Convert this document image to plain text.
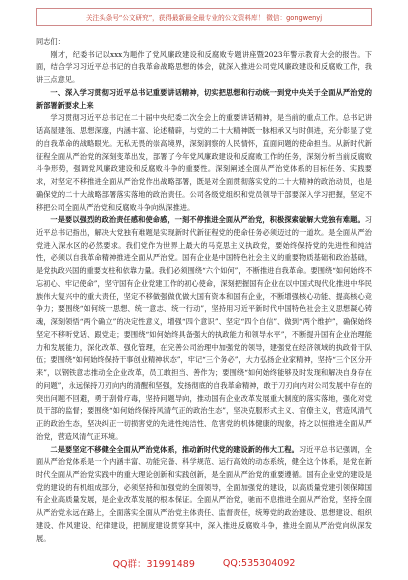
关注头条号“公文研究”，获得最新最全最专业的公文资料库！ 微信：gongwenyj

同志们：

刚才，纪委书记以xxx为题作了党风廉政建设和反腐败专题讲座暨2023年警示教育大会的报告。下面，结合学习习近平总书记的自我革命战略思想的体会，就深入推进公司党风廉政建设和反腐败工作，我讲三点意见。

一、深入学习贯彻习近平总书记重要讲话精神，切实把思想和行动统一到党中央关于全面从严治党的新部署新要求上来

学习贯彻习近平总书记在二十届中央纪委二次全会上的重要讲话精神，是当前的重点工作。总书记讲话高屋建瓴、思想深邃，内涵丰富、论述精辟，与党的二十大精神既一脉相承又与时俱进，充分彰显了党的自我革命的战略眼光。无私无畏的崇高境界，深刻洞察的人民情怀，直面问题的使命担当。从新时代新征程全面从严治党的深刻变革出发，部署了今年党风廉政建设和反腐败工作的任务，深刻分析当前反腐败斗争形势，强调党风廉政建设和反腐败斗争的重要性。深刻阐述全面从严治党体系的目标任务、实践要求，对坚定不移推进全面从严治党作出战略部署，既是对全面贯彻落实党的二十大精神的政治动员，也是确保党的二十大战略部署落实落地的政治责任。公司各级党组织和党员领导干部要深入学习把握，坚定不移把公司全面从严治党和反腐败斗争向纵深推进。

一是要以强烈的政治责任感和使命感，一刻不停推进全面从严治党，积极探索破解大党独有难题。习近平总书记指出，解决大党独有难题是实现新时代新征程党的使命任务必须迈过的一道坎。是全面从严治党进入深水区的必然要求。我们党作为世界上最大的马克思主义执政党，要始终保持党的先进性和纯洁性，必须以自我革命精神推进全面从严治党。国有企业是中国特色社会主义的重要物质基础和政治基础，是党执政兴国的重要支柱和依靠力量。我们必须围绕“六个如何”，不断推进自我革命。要围绕“如何始终不忘初心、牢记使命”，坚守国有企业党建工作的初心使命，深刻把握国有企业在以中国式现代化推进中华民族伟大复兴中的重大责任，坚定不移做强做优做大国有资本和国有企业，不断增强核心功能、提高核心竞争力；要围绕“如何统一思想、统一意志、统一行动”，坚持用习近平新时代中国特色社会主义思想凝心铸魂，深刻领悟“两个确立”的决定性意义，增强“四个意识”、坚定“四个自信”、做到“两个维护”，确保始终坚定不移听党话、跟党走；要围绕“如何始终具备强大的执政能力和领导水平”，不断提升国有企业治理能力和发展能力，深化改革、强化管理，在完善公司治理中加强党的领导，建强党在经济领域的执政骨干队伍；要围绕“如何始终保持干事创业精神状态”，牢记“三个务必”，大力弘扬企业家精神，坚持“三个区分开来”，以钢铁意志推动全企业改革，员工敢担当、善作为；要围绕“如何始终能够及时发现和解决自身存在的问题”，永远保持刀刃向内的清醒和坚强，发扬彻底的自我革命精神，敢于刀刃向内对公司发展中存在的突出问题不回避，勇于刮骨疗毒，坚持问题导向，推动国有企业改革发展重大制度的落实落地，强化对党员干部的监督；要围绕“如何始终保持风清气正的政治生态”，坚决克服形式主义、官僚主义，营造风清气正的政治生态，坚决纠正一切损害党的先进性纯洁性、危害党的机体健康的现象，持之以恒推进全面从严治党，营造风清气正环境。

二是要坚定不移健全全面从严治党体系，推动新时代党的建设新的伟大工程。习近平总书记强调，全面从严治党体系是一个内涵丰富、功能完备、科学规范、运行高效的动态系统，健全这个体系，是党在新时代全面从严治党实践中的重大理论创新和实践创新，是全面从严治党的重要遵循。国有企业党的建设是党的建设的有机组成部分，必须坚持和加强党的全面领导，全面加强党的建设，以高质量党建引领保障国有企业高质量发展，是企业改革发展的根本保证。全面从严治党，驰而不息推进全面从严治党，坚持全面从严治党永远在路上，全面落实全面从严治党主体责任、监督责任，统筹党的政治建设、思想建设、组织建设、作风建设、纪律建设，把制度建设贯穿其中，深入推进反腐败斗争，推进全面从严治党向纵深发展。

QQ群：31991489	QQ:535304092
